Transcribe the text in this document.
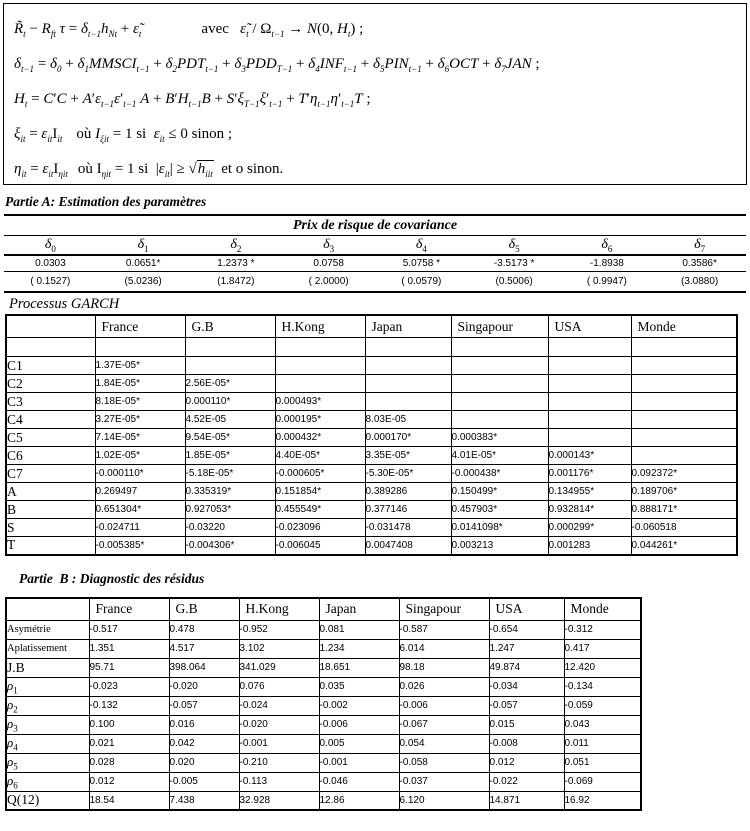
$R̃_t - R_{ft}$ $\tau = \delta_{t-1}h_{Nt}$ + $\varepsiloñ_t$	avec   $\varepsiloñ_t / \Omega_{t-1} \to N(0$, $H_t$) ;
$\delta_{t-1} = \delta_0$ + $\delta_1MMSCI_{t-1} + \delta_2PDT_{t-1} + \delta_3PDD_{T-1} + \delta_4INF_{t-1} + \delta_5PIN_{t-1} + \delta_6OCT + \delta_7JAN$ ;
$H_t = C'C + A'\varepsilon_{t-1}\varepsilon'_{t-1}$ $A + B'H_{t-1}B + S'\xi_{T-1}\xi'_{t-1} + T'\eta_{t-1}\eta'_{t-1}T$ ;
$\xi_{it} = \varepsilon_{it}I_{it}$ où $I_{\xi it} = 1$ si  $\varepsilon_{it} \le 0$ sinon ;
$\eta_{it} = \varepsilon_{it}I_{\eta it}$ où $I_{\eta it} = 1$ si  $|\varepsilon_{it}| \ge √h_{iit}$  et o sinon.
Partie A: Estimation des paramètres
Prix de risque de covariance							
$\delta_0$	$\delta_1$	$\delta_2$	$\delta_3$	$\delta_4$	$\delta_5$	$\delta_6$	$\delta_7$
0.0303	0.0651*	1.2373 *	0.0758	5.0758 *	-3.5173 *	-1.8938	0.3586*
( 0.1527)	(5.0236)	(1.8472)	( 2.0000)	( 0.0579)	(0.5006)	( 0.9947)	(3.0880)
Processus GARCH
	France	G.B	H.Kong	Japan	Singapour	USA	Monde

C1	1.37E-05*						
C2	1.84E-05*	2.56E-05*					
C3	8.18E-05*	0.000110*	0.000493*				
C4	3.27E-05*	4.52E-05	0.000195*	8.03E-05			
C5	7.14E-05*	9.54E-05*	0.000432*	0.000170*	0.000383*		
C6	1.02E-05*	1.85E-05*	4.40E-05*	3.35E-05*	4.01E-05*	0.000143*	
C7	-0.000110*	-5.18E-05*	-0.000605*	-5.30E-05*	-0.000438*	0.001176*	0.092372*
A	0.269497	0.335319*	0.151854*	0.389286	0.150499*	0.134955*	0.189706*
B	0.651304*	0.927053*	0.455549*	0.377146	0.457903*	0.932814*	0.888171*
S	-0.024711	-0.03220	-0.023096	-0.031478	0.0141098*	0.000299*	-0.060518
T	-0.005385*	-0.004306*	-0.006045	0.0047408	0.003213	0.001283	0.044261*
Partie  B : Diagnostic des résidus
	France	G.B	H.Kong	Japan	Singapour	USA	Monde
Asymétrie	-0.517	0.478	-0.952	0.081	-0.587	-0.654	-0.312
Aplatissement	1.351	4.517	3.102	1.234	6.014	1.247	0.417
J.B	95.71	398.064	341.029	18.651	98.18	49.874	12.420
$\rho_1$	-0.023	-0.020	0.076	0.035	0.026	-0.034	-0.134
$\rho_2$	-0.132	-0.057	-0.024	-0.002	-0.006	-0.057	-0.059
$\rho_3$	0.100	0.016	-0.020	-0.006	-0.067	0.015	0.043
$\rho_4$	0.021	0.042	-0.001	0.005	0.054	-0.008	0.011
$\rho_5$	0.028	0.020	-0.210	-0.001	-0.058	0.012	0.051
$\rho_6$	0.012	-0.005	-0.113	-0.046	-0.037	-0.022	-0.069
Q(12)	18.54	7.438	32.928	12.86	6.120	14.871	16.92
